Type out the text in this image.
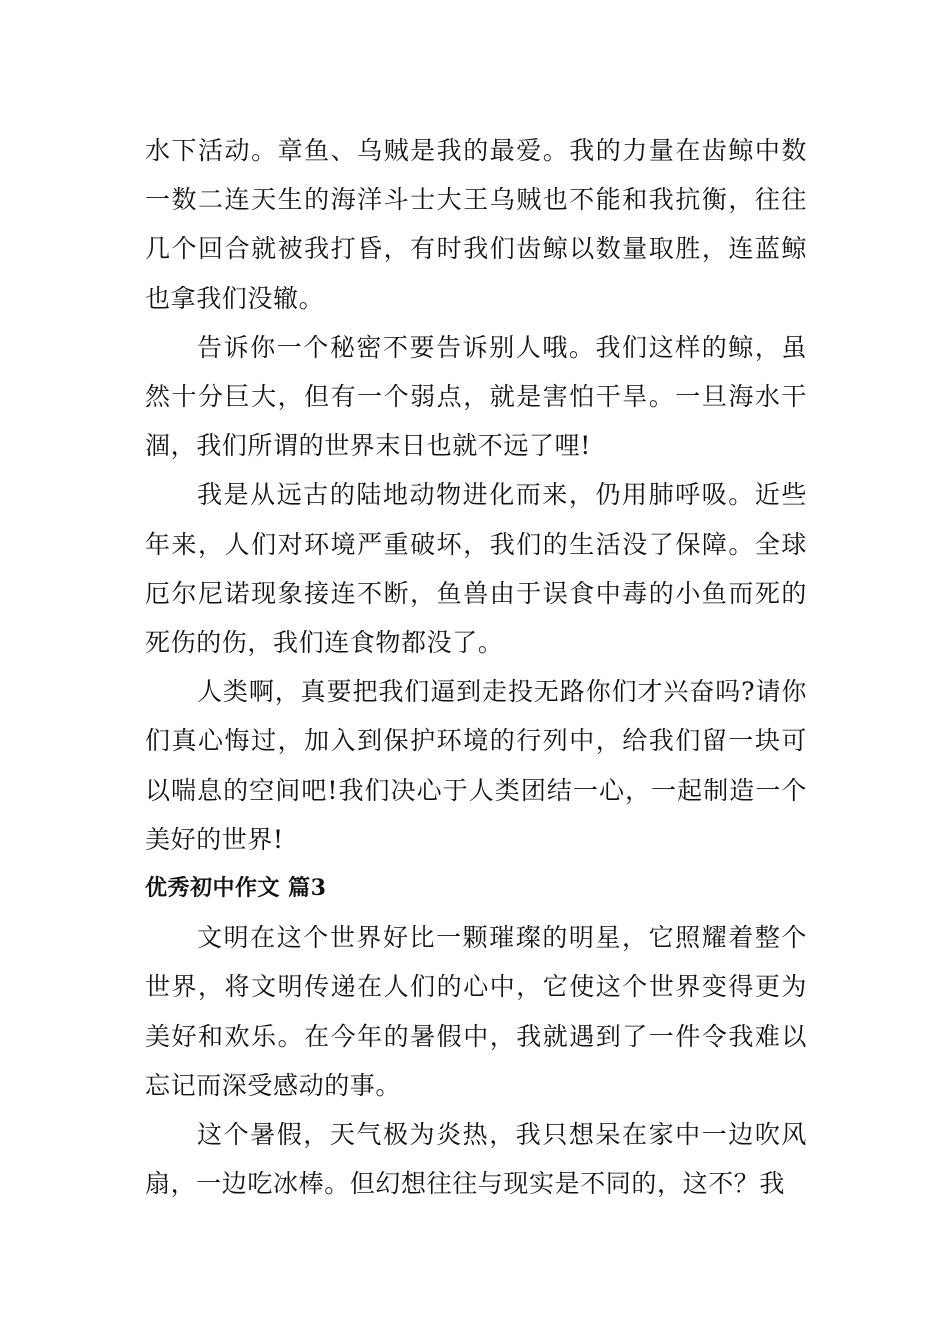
水下活动。章鱼、乌贼是我的最爱。我的力量在齿鲸中数一数二连天生的海洋斗士大王乌贼也不能和我抗衡，往往几个回合就被我打昏，有时我们齿鲸以数量取胜，连蓝鲸也拿我们没辙。

告诉你一个秘密不要告诉别人哦。我们这样的鲸，虽然十分巨大，但有一个弱点，就是害怕干旱。一旦海水干涸，我们所谓的世界末日也就不远了哩!

我是从远古的陆地动物进化而来，仍用肺呼吸。近些年来，人们对环境严重破坏，我们的生活没了保障。全球厄尔尼诺现象接连不断，鱼兽由于误食中毒的小鱼而死的死伤的伤，我们连食物都没了。

人类啊，真要把我们逼到走投无路你们才兴奋吗?请你们真心悔过，加入到保护环境的行列中，给我们留一块可以喘息的空间吧!我们决心于人类团结一心，一起制造一个美好的世界!

优秀初中作文 篇3

文明在这个世界好比一颗璀璨的明星，它照耀着整个世界，将文明传递在人们的心中，它使这个世界变得更为美好和欢乐。在今年的暑假中，我就遇到了一件令我难以忘记而深受感动的事。

这个暑假，天气极为炎热，我只想呆在家中一边吹风扇，一边吃冰棒。但幻想往往与现实是不同的，这不？我
